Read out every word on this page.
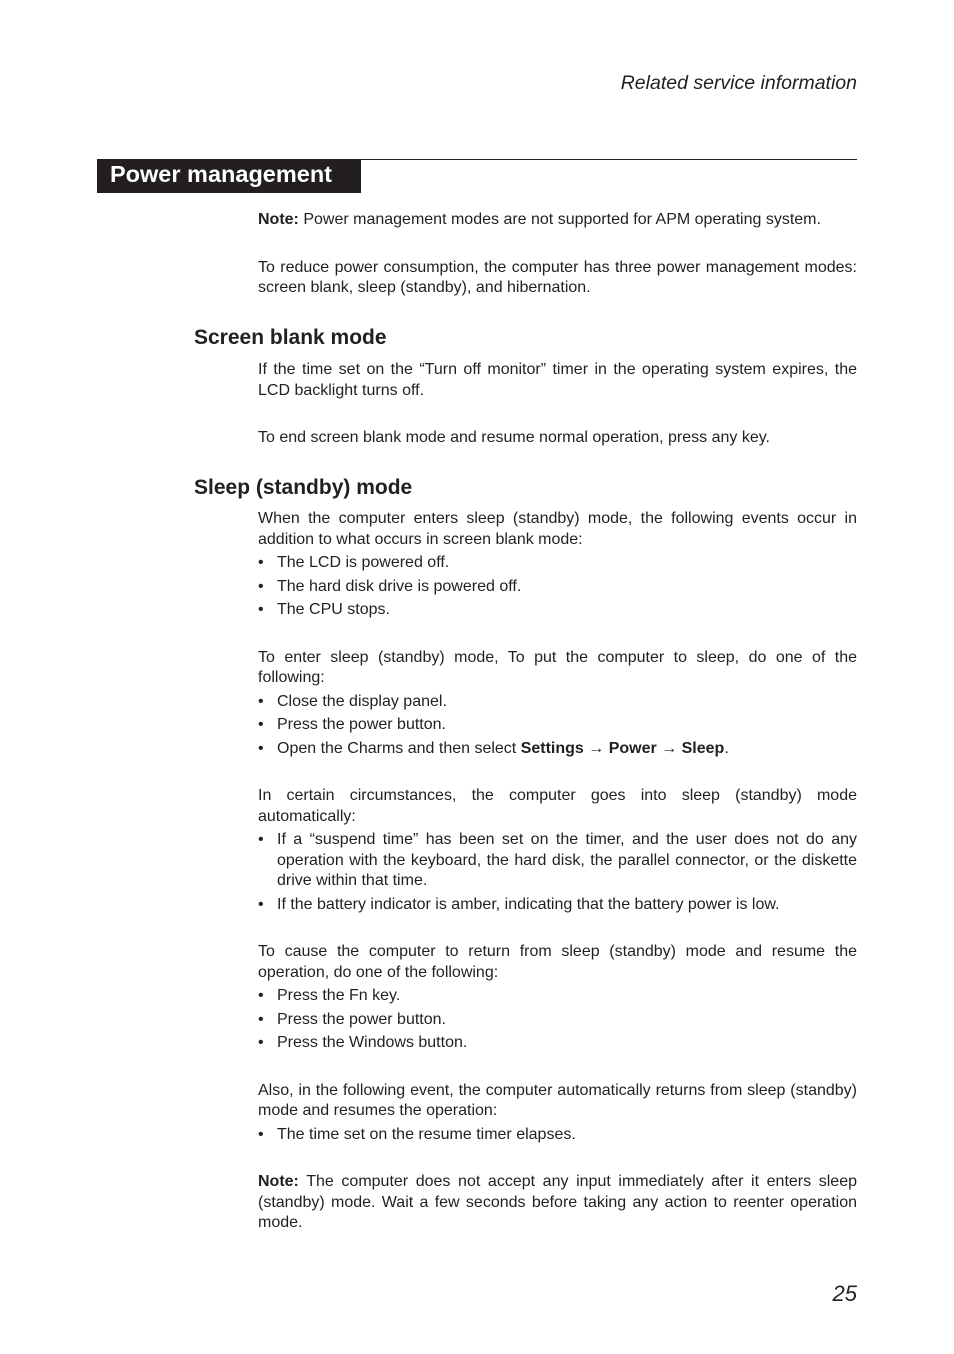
Related service information
Power management

Note: Power management modes are not supported for APM operating system.

To reduce power consumption, the computer has three power management modes: screen blank, sleep (standby), and hibernation.

Screen blank mode

If the time set on the “Turn off monitor” timer in the operating system expires, the LCD backlight turns off.

To end screen blank mode and resume normal operation, press any key.

Sleep (standby) mode

When the computer enters sleep (standby) mode, the following events occur in addition to what occurs in screen blank mode:

• The LCD is powered off.
• The hard disk drive is powered off.
• The CPU stops.

To enter sleep (standby) mode, To put the computer to sleep, do one of the following:

• Close the display panel.
• Press the power button.
• Open the Charms and then select Settings → Power → Sleep.

In certain circumstances, the computer goes into sleep (standby) mode automatically:

• If a “suspend time” has been set on the timer, and the user does not do any operation with the keyboard, the hard disk, the parallel connector, or the diskette drive within that time.
• If the battery indicator is amber, indicating that the battery power is low.

To cause the computer to return from sleep (standby) mode and resume the operation, do one of the following:

• Press the Fn key.
• Press the power button.
• Press the Windows button.

Also, in the following event, the computer automatically returns from sleep (standby) mode and resumes the operation:

• The time set on the resume timer elapses.

Note: The computer does not accept any input immediately after it enters sleep (standby) mode. Wait a few seconds before taking any action to reenter operation mode.

25
